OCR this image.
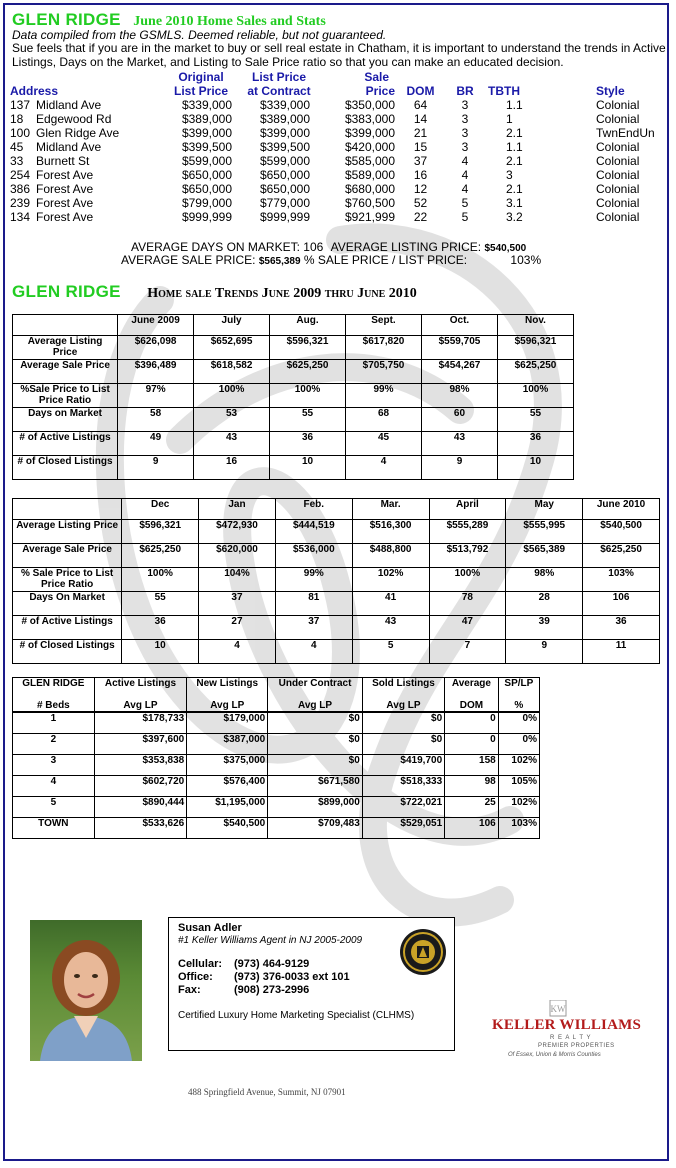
GLEN RIDGE June 2010 Home Sales and Stats
Data compiled from the GSMLS. Deemed reliable, but not guaranteed.
Sue feels that if you are in the market to buy or sell real estate in Chatham, it is important to understand the trends in Active Listings, Days on the Market, and Listing to Sale Price ratio so that you can make an educated decision.
		Original	List Price	Sale				
Address		List Price	at Contract	Price	DOM	BR	TBTH	Style
137	Midland Ave	$339,000	$339,000	$350,000	64	3	1.1	Colonial
18	Edgewood Rd	$389,000	$389,000	$383,000	14	3	1	Colonial
100	Glen Ridge Ave	$399,000	$399,000	$399,000	21	3	2.1	TwnEndUn
45	Midland Ave	$399,500	$399,500	$420,000	15	3	1.1	Colonial
33	Burnett St	$599,000	$599,000	$585,000	37	4	2.1	Colonial
254	Forest Ave	$650,000	$650,000	$589,000	16	4	3	Colonial
386	Forest Ave	$650,000	$650,000	$680,000	12	4	2.1	Colonial
239	Forest Ave	$799,000	$779,000	$760,500	52	5	3.1	Colonial
134	Forest Ave	$999,999	$999,999	$921,999	22	5	3.2	Colonial
AVERAGE DAYS ON MARKET: 106 AVERAGE LISTING PRICE: $540,500
AVERAGE SALE PRICE: $565,389 % SALE PRICE / LIST PRICE:	103%
GLEN RIDGE Home sale Trends June 2009 thru June 2010
	June 2009	July	Aug.	Sept.	Oct.	Nov.
Average Listing Price	$626,098	$652,695	$596,321	$617,820	$559,705	$596,321
Average Sale Price	$396,489	$618,582	$625,250	$705,750	$454,267	$625,250
%Sale Price to List Price Ratio	97%	100%	100%	99%	98%	100%
Days on Market	58	53	55	68	60	55
# of Active Listings	49	43	36	45	43	36
# of Closed Listings	9	16	10	4	9	10
	Dec	Jan	Feb.	Mar.	April	May	June 2010
Average Listing Price	$596,321	$472,930	$444,519	$516,300	$555,289	$555,995	$540,500
Average Sale Price	$625,250	$620,000	$536,000	$488,800	$513,792	$565,389	$625,250
% Sale Price to List Price Ratio	100%	104%	99%	102%	100%	98%	103%
Days On Market	55	37	81	41	78	28	106
# of Active Listings	36	27	37	43	47	39	36
# of Closed Listings	10	4	4	5	7	9	11
GLEN RIDGE	Active Listings	New Listings	Under Contract	Sold Listings	Average	SP/LP
# Beds	Avg LP	Avg LP	Avg LP	Avg LP	DOM	%
1	$178,733	$179,000	$0	$0	0	0%
2	$397,600	$387,000	$0	$0	0	0%
3	$353,838	$375,000	$0	$419,700	158	102%
4	$602,720	$576,400	$671,580	$518,333	98	105%
5	$890,444	$1,195,000	$899,000	$722,021	25	102%
TOWN	$533,626	$540,500	$709,483	$529,051	106	103%
Susan Adler
#1 Keller Williams Agent in NJ 2005-2009
Cellular: (973) 464-9129
Office: (973) 376-0033 ext 101
Fax:	(908) 273-2996
Certified Luxury Home Marketing Specialist (CLHMS)
KW
KELLER WILLIAMS
R E A L T Y
PREMIER PROPERTIES
Of Essex, Union & Morris Counties
488 Springfield Avenue, Summit, NJ 07901
